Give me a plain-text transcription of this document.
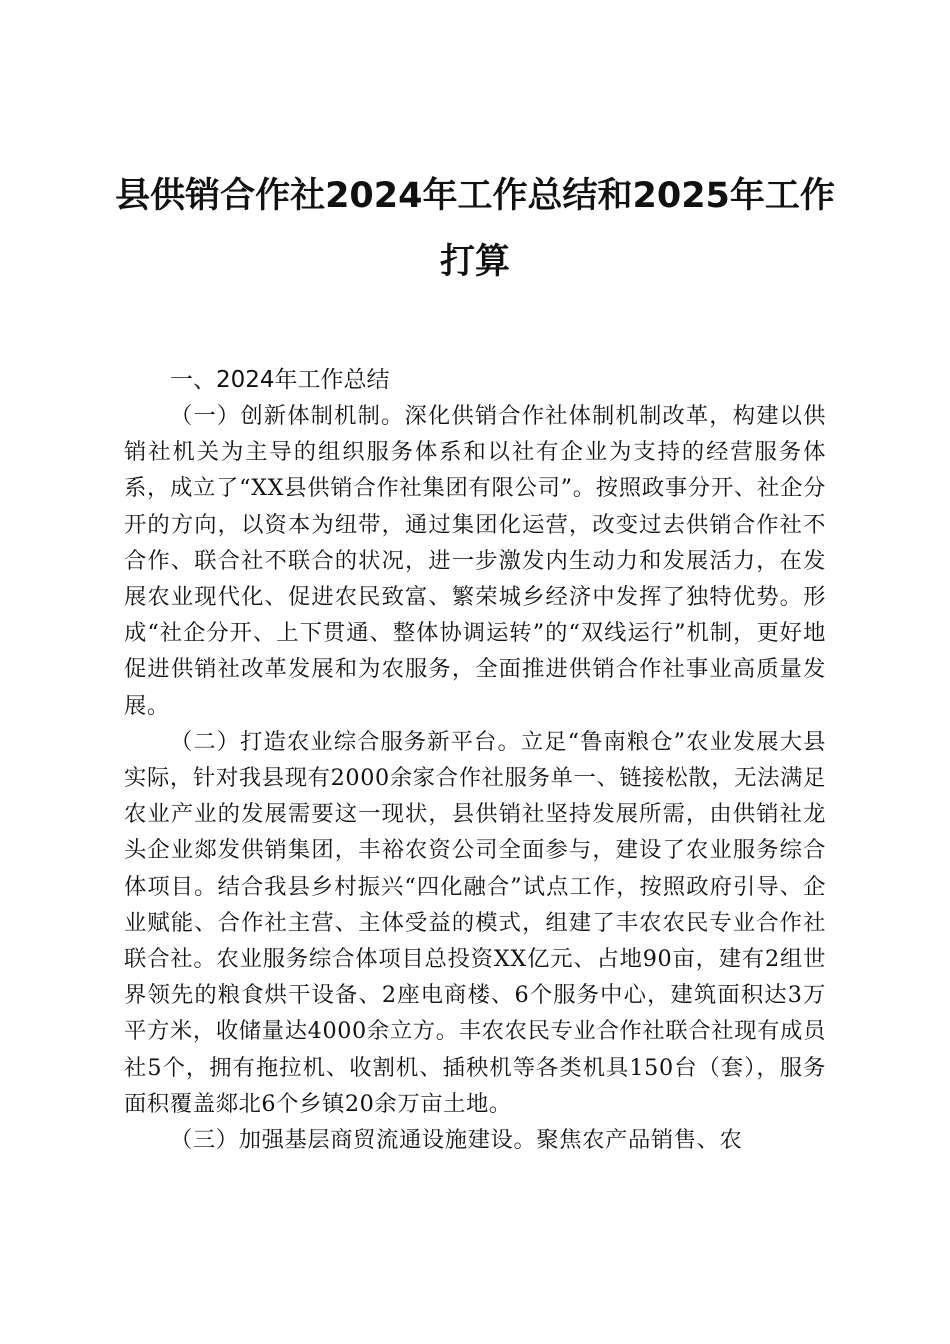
县供销合作社2024年工作总结和2025年工作
打算

一、2024年工作总结

（一）创新体制机制。深化供销合作社体制机制改革，构建以供销社机关为主导的组织服务体系和以社有企业为支持的经营服务体系，成立了“XX县供销合作社集团有限公司”。按照政事分开、社企分开的方向，以资本为纽带，通过集团化运营，改变过去供销合作社不合作、联合社不联合的状况，进一步激发内生动力和发展活力，在发展农业现代化、促进农民致富、繁荣城乡经济中发挥了独特优势。形成“社企分开、上下贯通、整体协调运转”的“双线运行”机制，更好地促进供销社改革发展和为农服务，全面推进供销合作社事业高质量发展。

（二）打造农业综合服务新平台。立足“鲁南粮仓”农业发展大县实际，针对我县现有2000余家合作社服务单一、链接松散，无法满足农业产业的发展需要这一现状，县供销社坚持发展所需，由供销社龙头企业郯发供销集团，丰裕农资公司全面参与，建设了农业服务综合体项目。结合我县乡村振兴“四化融合”试点工作，按照政府引导、企业赋能、合作社主营、主体受益的模式，组建了丰农农民专业合作社联合社。农业服务综合体项目总投资XX亿元、占地90亩，建有2组世界领先的粮食烘干设备、2座电商楼、6个服务中心，建筑面积达3万平方米，收储量达4000余立方。丰农农民专业合作社联合社现有成员社5个，拥有拖拉机、收割机、插秧机等各类机具150台（套），服务面积覆盖郯北6个乡镇20余万亩土地。

（三）加强基层商贸流通设施建设。聚焦农产品销售、农
